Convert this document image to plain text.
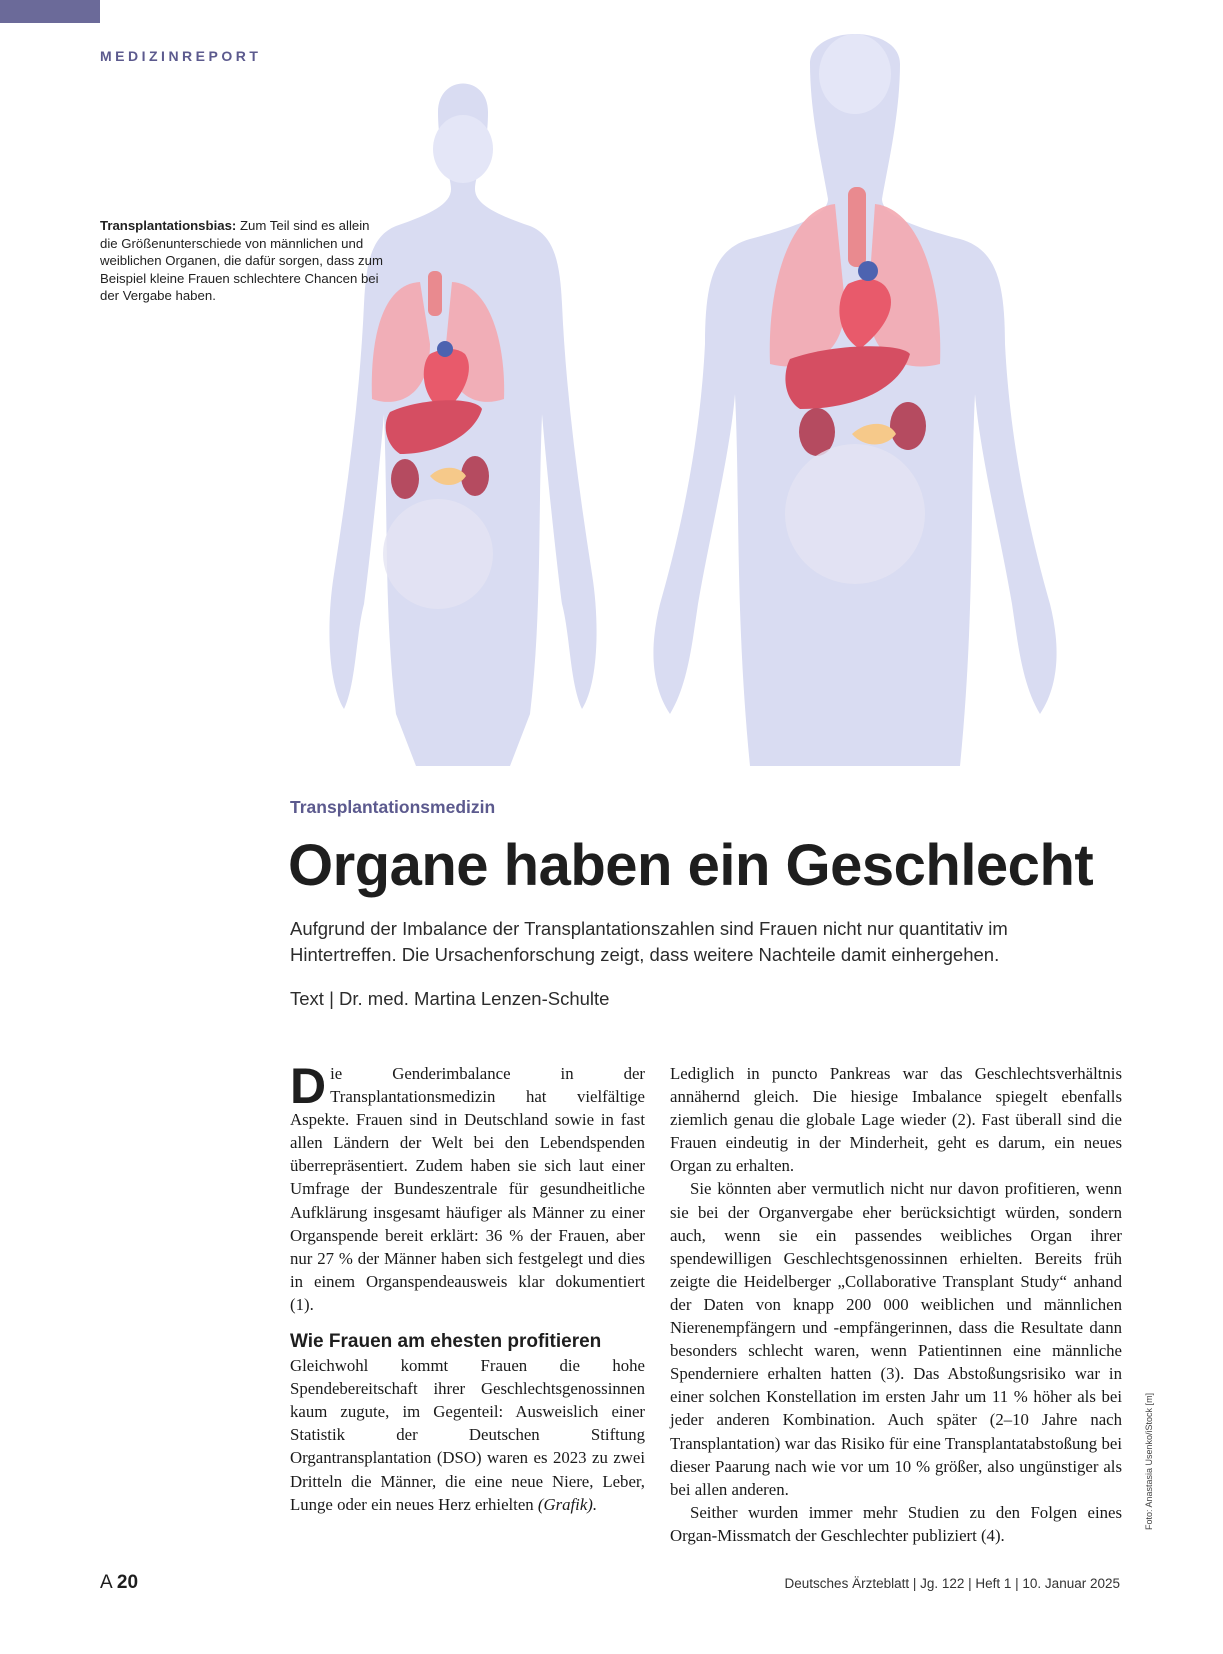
MEDIZINREPORT
Transplantationsbias: Zum Teil sind es allein die Größenunterschiede von männlichen und weiblichen Organen, die dafür sorgen, dass zum Beispiel kleine Frauen schlechtere Chancen bei der Vergabe haben.
Transplantationsmedizin
Organe haben ein Geschlecht

Aufgrund der Imbalance der Transplantationszahlen sind Frauen nicht nur quantitativ im Hintertreffen. Die Ursachenforschung zeigt, dass weitere Nachteile damit einhergehen.

Text | Dr. med. Martina Lenzen-Schulte

Die Genderimbalance in der Transplantationsmedizin hat vielfältige Aspekte. Frauen sind in Deutschland sowie in fast allen Ländern der Welt bei den Lebendspenden überrepräsentiert. Zudem haben sie sich laut einer Umfrage der Bundeszentrale für gesundheitliche Aufklärung insgesamt häufiger als Männer zu einer Organspende bereit erklärt: 36 % der Frauen, aber nur 27 % der Männer haben sich festgelegt und dies in einem Organspendeausweis klar dokumentiert (1).

Wie Frauen am ehesten profitieren

Gleichwohl kommt Frauen die hohe Spendebereitschaft ihrer Geschlechtsgenossinnen kaum zugute, im Gegenteil: Ausweislich einer Statistik der Deutschen Stiftung Organtransplantation (DSO) waren es 2023 zu zwei Dritteln die Männer, die eine neue Niere, Leber, Lunge oder ein neues Herz erhielten (Grafik).

Lediglich in puncto Pankreas war das Geschlechtsverhältnis annähernd gleich. Die hiesige Imbalance spiegelt ebenfalls ziemlich genau die globale Lage wieder (2). Fast überall sind die Frauen eindeutig in der Minderheit, geht es darum, ein neues Organ zu erhalten.

Sie könnten aber vermutlich nicht nur davon profitieren, wenn sie bei der Organvergabe eher berücksichtigt würden, sondern auch, wenn sie ein passendes weibliches Organ ihrer spendewilligen Geschlechtsgenossinnen erhielten. Bereits früh zeigte die Heidelberger „Collaborative Transplant Study“ anhand der Daten von knapp 200 000 weiblichen und männlichen Nierenempfängern und -empfängerinnen, dass die Resultate dann besonders schlecht waren, wenn Patientinnen eine männliche Spenderniere erhalten hatten (3). Das Abstoßungsrisiko war in einer solchen Konstellation im ersten Jahr um 11 % höher als bei jeder anderen Kombination. Auch später (2–10 Jahre nach Transplantation) war das Risiko für eine Transplantatabstoßung bei dieser Paarung nach wie vor um 10 % größer, also ungünstiger als bei allen anderen.

Seither wurden immer mehr Studien zu den Folgen eines Organ-Missmatch der Geschlechter publiziert (4).

Foto: Anastasia Usenko/iStock [m]
A 20	Deutsches Ärzteblatt | Jg. 122 | Heft 1 | 10. Januar 2025
